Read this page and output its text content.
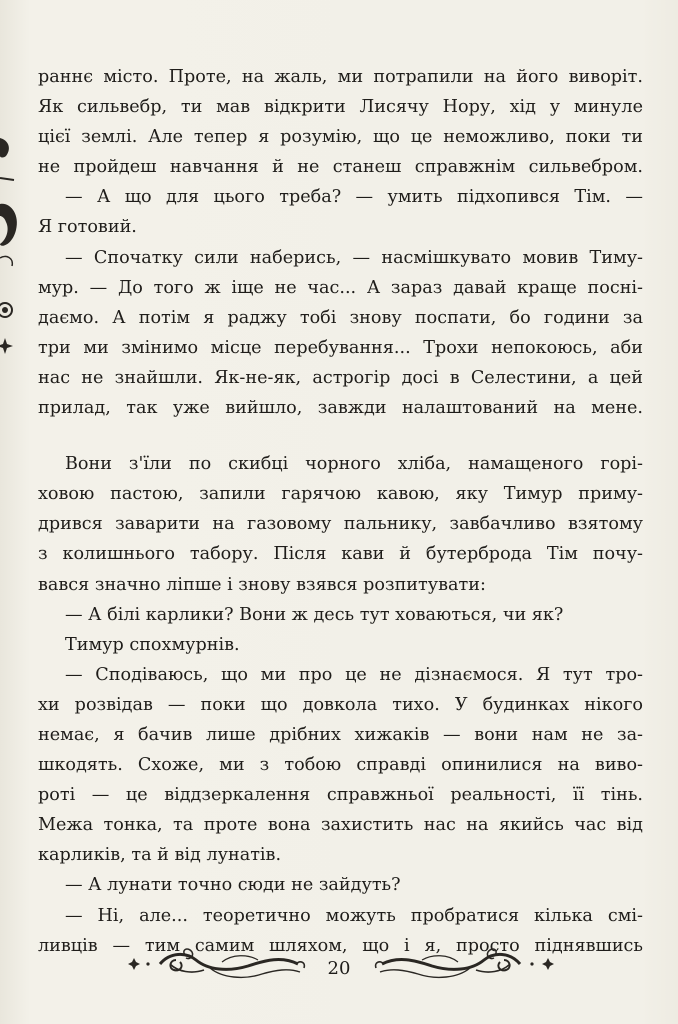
раннє місто. Проте, на жаль, ми потрапили на його виворіт.
Як сильвебр, ти мав відкрити Лисячу Нору, хід у минуле
цієї землі. Але тепер я розумію, що це неможливо, поки ти
не пройдеш навчання й не станеш справжнім сильвебром.
— А що для цього треба? — умить підхопився Тім. —
Я готовий.
— Спочатку сили наберись, — насмішкувато мовив Тиму-
мур. — До того ж іще не час... А зараз давай краще поснi-
даємо. А потім я раджу тобі знову поспати, бо години за
три ми змінимо місце перебування... Трохи непокоюсь, аби
нас не знайшли. Як-не-як, астрогір досі в Селестини, а цей
прилад, так уже вийшло, завжди налаштований на мене.
Вони з'їли по скибці чорного хліба, намащеного горі-
ховою пастою, запили гарячою кавою, яку Тимур приму-
дрився заварити на газовому пальнику, завбачливо взятому
з колишнього табору. Після кави й бутерброда Тім почу-
вався значно ліпше і знову взявся розпитувати:
— А білі карлики? Вони ж десь тут ховаються, чи як?
Тимур спохмурнів.
— Сподіваюсь, що ми про це не дізнаємося. Я тут тро-
хи розвідав — поки що довкола тихо. У будинках нікого
немає, я бачив лише дрібних хижаків — вони нам не за-
шкодять. Схоже, ми з тобою справді опинилися на виво-
роті — це віддзеркалення справжньої реальності, її тінь.
Межа тонка, та проте вона захистить нас на якийсь час від
карликів, та й від лунатів.
— А лунати точно сюди не зайдуть?
— Ні, але... теоретично можуть пробратися кілька смі-
ливців — тим самим шляхом, що і я, просто піднявшись
20
